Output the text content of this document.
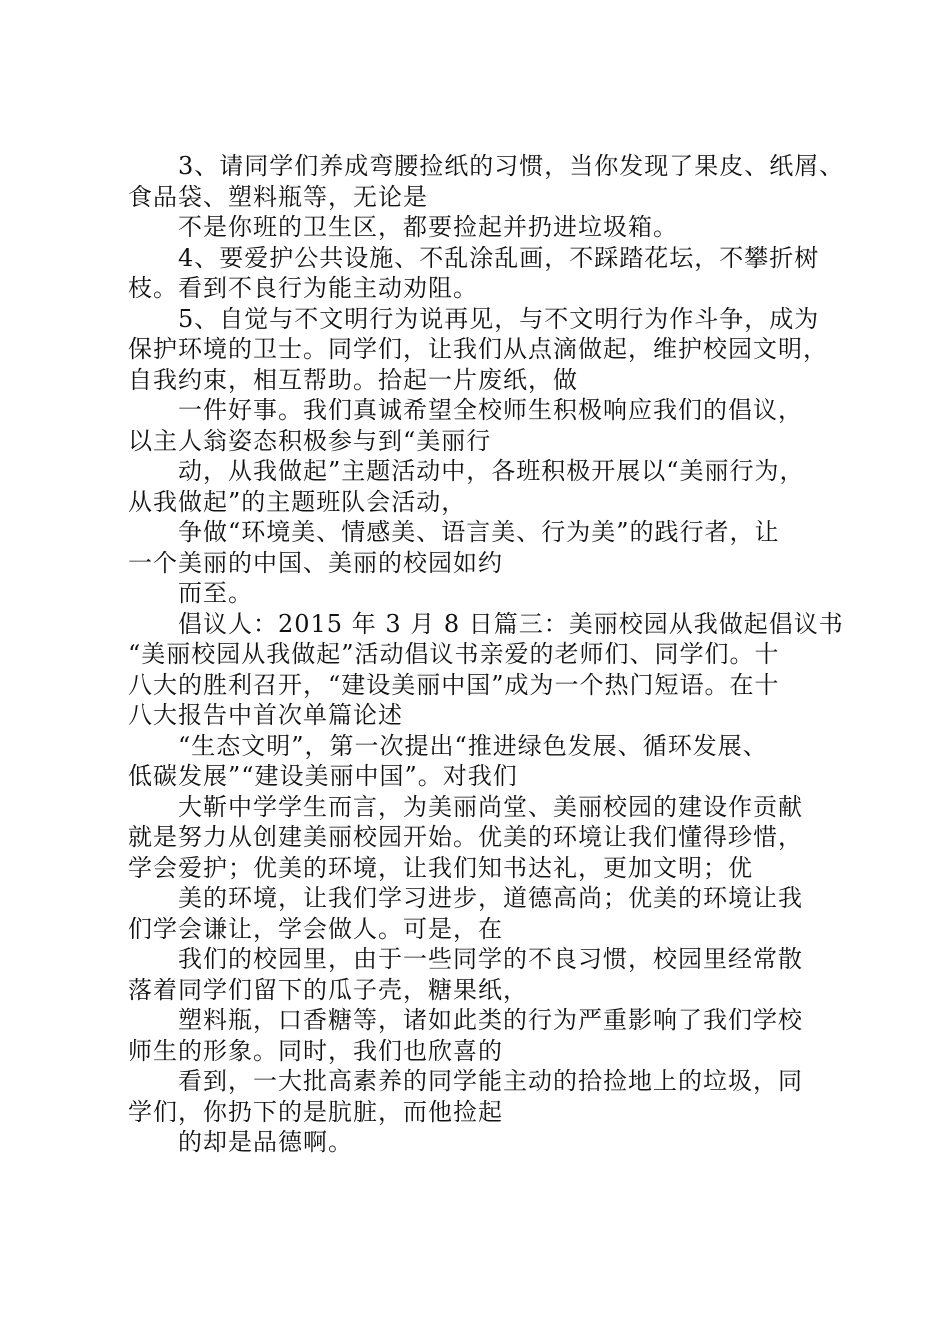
3、请同学们养成弯腰捡纸的习惯，当你发现了果皮、纸屑、
食品袋、塑料瓶等，无论是
不是你班的卫生区，都要捡起并扔进垃圾箱。
4、要爱护公共设施、不乱涂乱画，不踩踏花坛，不攀折树
枝。看到不良行为能主动劝阻。
5、自觉与不文明行为说再见，与不文明行为作斗争，成为
保护环境的卫士。同学们，让我们从点滴做起，维护校园文明，
自我约束，相互帮助。拾起一片废纸，做
一件好事。我们真诚希望全校师生积极响应我们的倡议，
以主人翁姿态积极参与到“美丽行
动，从我做起”主题活动中，各班积极开展以“美丽行为，
从我做起”的主题班队会活动，
争做“环境美、情感美、语言美、行为美”的践行者，让
一个美丽的中国、美丽的校园如约
而至。
倡议人：2015 年 3 月 8 日篇三：美丽校园从我做起倡议书
“美丽校园从我做起”活动倡议书亲爱的老师们、同学们。十
八大的胜利召开，“建设美丽中国”成为一个热门短语。在十
八大报告中首次单篇论述
“生态文明”，第一次提出“推进绿色发展、循环发展、
低碳发展”“建设美丽中国”。对我们
大靳中学学生而言，为美丽尚堂、美丽校园的建设作贡献
就是努力从创建美丽校园开始。优美的环境让我们懂得珍惜，
学会爱护；优美的环境，让我们知书达礼，更加文明；优
美的环境，让我们学习进步，道德高尚；优美的环境让我
们学会谦让，学会做人。可是，在
我们的校园里，由于一些同学的不良习惯，校园里经常散
落着同学们留下的瓜子壳，糖果纸，
塑料瓶，口香糖等，诸如此类的行为严重影响了我们学校
师生的形象。同时，我们也欣喜的
看到，一大批高素养的同学能主动的拾捡地上的垃圾，同
学们，你扔下的是肮脏，而他捡起
的却是品德啊。
